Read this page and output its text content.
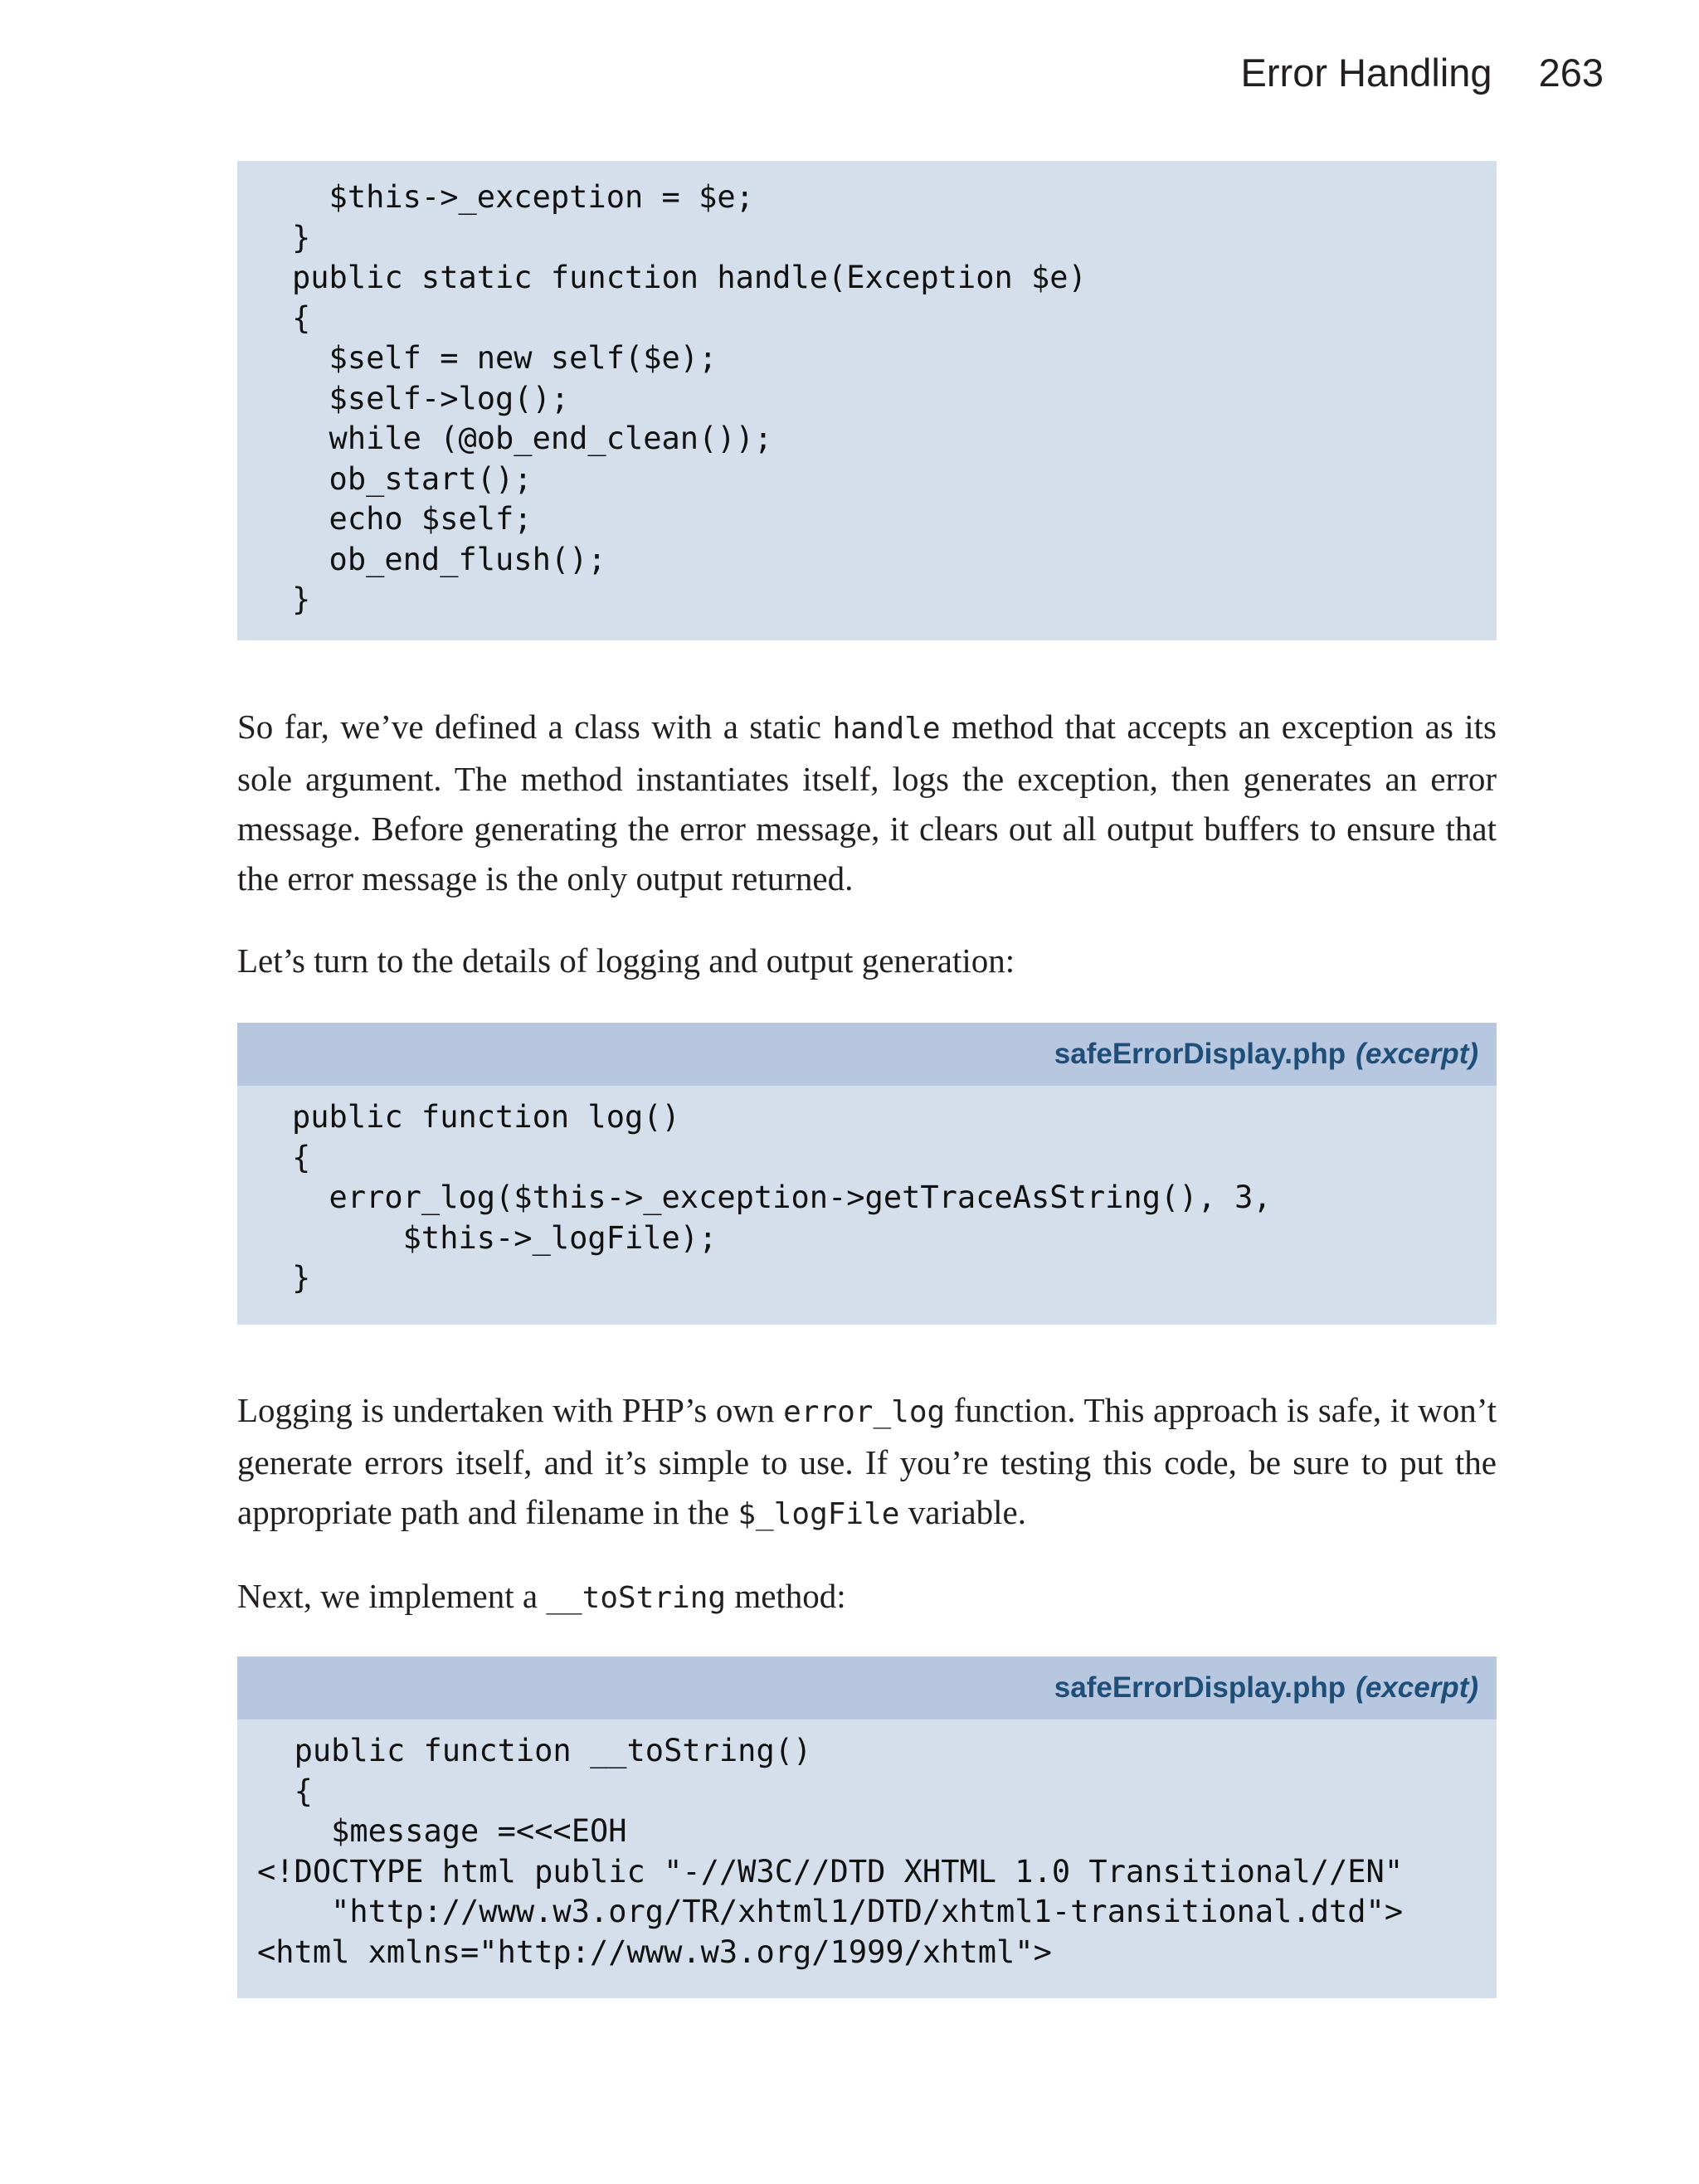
Error Handling 263
$this->_exception = $e;
}
public static function handle(Exception $e)
{
$self = new self($e);
$self->log();
while (@ob_end_clean());
ob_start();
echo $self;
ob_end_flush();
}

So far, we’ve defined a class with a static handle method that accepts an exception as its sole argument. The method instantiates itself, logs the exception, then generates an error message. Before generating the error message, it clears out all output buffers to ensure that the error message is the only output returned.

Let’s turn to the details of logging and output generation:

safeErrorDisplay.php (excerpt)
public function log()
{
error_log($this->_exception->getTraceAsString(), 3,
$this->_logFile);
}

Logging is undertaken with PHP’s own error_log function. This approach is safe, it won’t generate errors itself, and it’s simple to use. If you’re testing this code, be sure to put the appropriate path and filename in the $_logFile variable.

Next, we implement a __toString method:

safeErrorDisplay.php (excerpt)
public function __toString()
{
$message =<<<EOH
<!DOCTYPE html public "-//W3C//DTD XHTML 1.0 Transitional//EN"
"http://www.w3.org/TR/xhtml1/DTD/xhtml1-transitional.dtd">
<html xmlns="http://www.w3.org/1999/xhtml">
